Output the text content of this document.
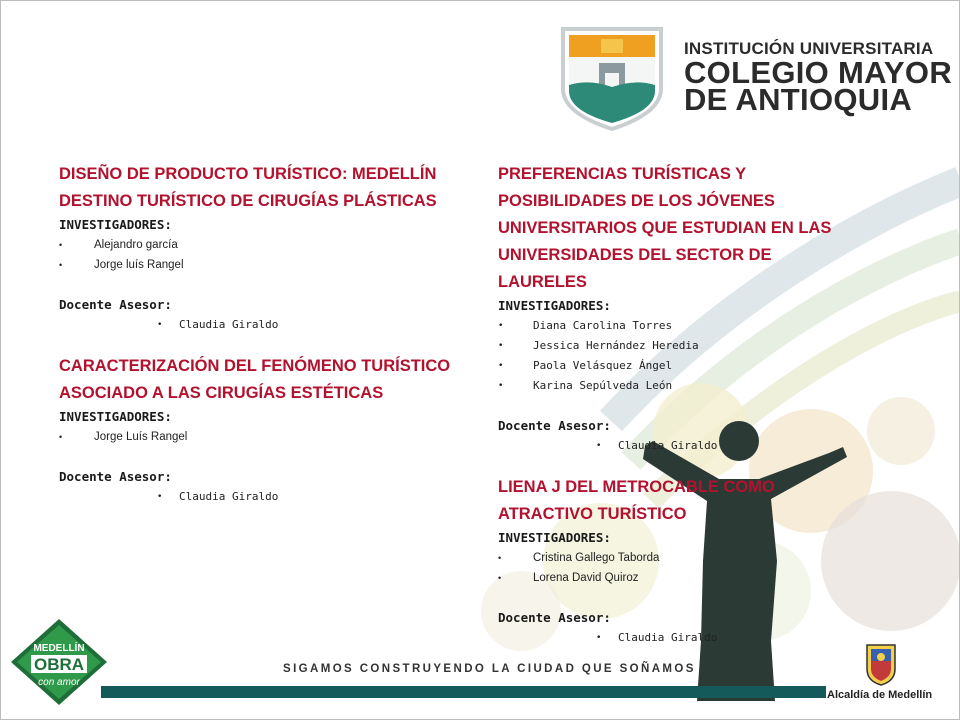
INSTITUCIÓN UNIVERSITARIA
COLEGIO MAYOR
DE ANTIOQUIA

DISEÑO DE PRODUCTO TURÍSTICO: MEDELLÍN DESTINO TURÍSTICO DE CIRUGÍAS PLÁSTICAS

INVESTIGADORES:

• Alejandro garcía
• Jorge luís Rangel

Docente Asesor:

• Claudia Giraldo

CARACTERIZACIÓN DEL FENÓMENO TURÍSTICO ASOCIADO A LAS CIRUGÍAS ESTÉTICAS

INVESTIGADORES:

• Jorge Luís Rangel

Docente Asesor:

• Claudia Giraldo

PREFERENCIAS TURÍSTICAS Y POSIBILIDADES DE LOS JÓVENES UNIVERSITARIOS QUE ESTUDIAN EN LAS UNIVERSIDADES DEL SECTOR DE LAURELES

INVESTIGADORES:

• Diana Carolina Torres
• Jessica Hernández Heredia
• Paola Velásquez Ángel
• Karina Sepúlveda León

Docente Asesor:

• Claudia Giraldo

LIENA J DEL METROCABLE COMO ATRACTIVO TURÍSTICO

INVESTIGADORES:

• Cristina Gallego Taborda
• Lorena David Quiroz

Docente Asesor:

• Claudia Giraldo
SIGAMOS CONSTRUYENDO LA CIUDAD QUE SOÑAMOS
MEDELLÍN
OBRA
con amor
Alcaldía de Medellín
